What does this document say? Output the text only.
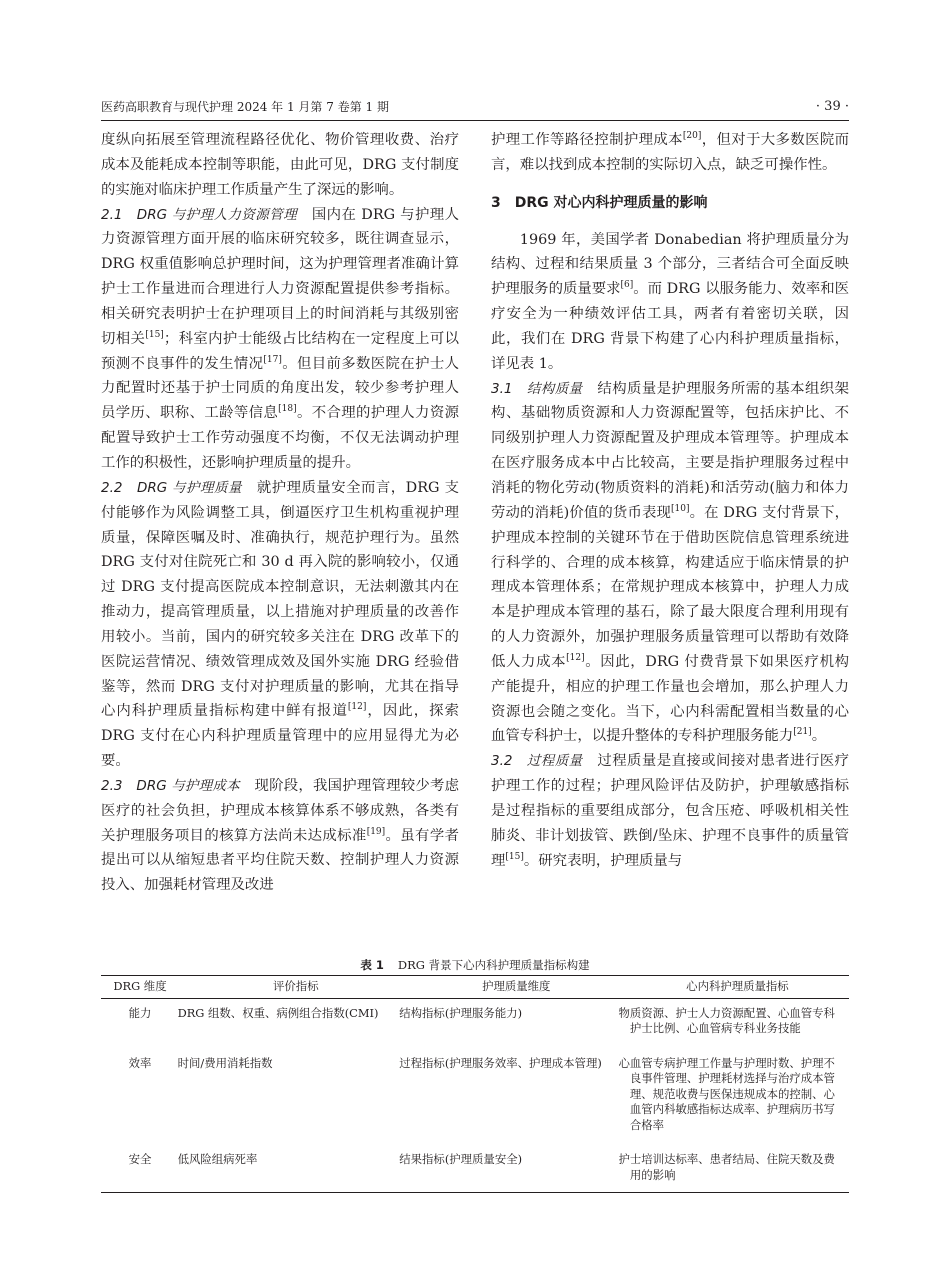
医药高职教育与现代护理 2024 年 1 月第 7 卷第 1 期	· 39 ·

度纵向拓展至管理流程路径优化、物价管理收费、治疗成本及能耗成本控制等职能，由此可见，DRG 支付制度的实施对临床护理工作质量产生了深远的影响。

2.1　DRG 与护理人力资源管理　国内在 DRG 与护理人力资源管理方面开展的临床研究较多，既往调查显示，DRG 权重值影响总护理时间，这为护理管理者准确计算护士工作量进而合理进行人力资源配置提供参考指标。相关研究表明护士在护理项目上的时间消耗与其级别密切相关[15]；科室内护士能级占比结构在一定程度上可以预测不良事件的发生情况[17]。但目前多数医院在护士人力配置时还基于护士同质的角度出发，较少参考护理人员学历、职称、工龄等信息[18]。不合理的护理人力资源配置导致护士工作劳动强度不均衡，不仅无法调动护理工作的积极性，还影响护理质量的提升。

2.2　DRG 与护理质量　就护理质量安全而言，DRG 支付能够作为风险调整工具，倒逼医疗卫生机构重视护理质量，保障医嘱及时、准确执行，规范护理行为。虽然 DRG 支付对住院死亡和 30 d 再入院的影响较小，仅通过 DRG 支付提高医院成本控制意识，无法刺激其内在推动力，提高管理质量，以上措施对护理质量的改善作用较小。当前，国内的研究较多关注在 DRG 改革下的医院运营情况、绩效管理成效及国外实施 DRG 经验借鉴等，然而 DRG 支付对护理质量的影响，尤其在指导心内科护理质量指标构建中鲜有报道[12]，因此，探索 DRG 支付在心内科护理质量管理中的应用显得尤为必要。

2.3　DRG 与护理成本　现阶段，我国护理管理较少考虑医疗的社会负担，护理成本核算体系不够成熟，各类有关护理服务项目的核算方法尚未达成标准[19]。虽有学者提出可以从缩短患者平均住院天数、控制护理人力资源投入、加强耗材管理及改进

护理工作等路径控制护理成本[20]，但对于大多数医院而言，难以找到成本控制的实际切入点，缺乏可操作性。

3　DRG 对心内科护理质量的影响

1969 年，美国学者 Donabedian 将护理质量分为结构、过程和结果质量 3 个部分，三者结合可全面反映护理服务的质量要求[6]。而 DRG 以服务能力、效率和医疗安全为一种绩效评估工具，两者有着密切关联，因此，我们在 DRG 背景下构建了心内科护理质量指标，详见表 1。

3.1　结构质量　结构质量是护理服务所需的基本组织架构、基础物质资源和人力资源配置等，包括床护比、不同级别护理人力资源配置及护理成本管理等。护理成本在医疗服务成本中占比较高，主要是指护理服务过程中消耗的物化劳动(物质资料的消耗)和活劳动(脑力和体力劳动的消耗)价值的货币表现[10]。在 DRG 支付背景下，护理成本控制的关键环节在于借助医院信息管理系统进行科学的、合理的成本核算，构建适应于临床情景的护理成本管理体系；在常规护理成本核算中，护理人力成本是护理成本管理的基石，除了最大限度合理利用现有的人力资源外，加强护理服务质量管理可以帮助有效降低人力成本[12]。因此，DRG 付费背景下如果医疗机构产能提升，相应的护理工作量也会增加，那么护理人力资源也会随之变化。当下，心内科需配置相当数量的心血管专科护士，以提升整体的专科护理服务能力[21]。

3.2　过程质量　过程质量是直接或间接对患者进行医疗护理工作的过程；护理风险评估及防护，护理敏感指标是过程指标的重要组成部分，包含压疮、呼吸机相关性肺炎、非计划拔管、跌倒/坠床、护理不良事件的质量管理[15]。研究表明，护理质量与

表 1 DRG 背景下心内科护理质量指标构建
DRG 维度	评价指标	护理质量维度	心内科护理质量指标
能力	DRG 组数、权重、病例组合指数(CMI)	结构指标(护理服务能力)	物质资源、护士人力资源配置、心血管专科护士比例、心血管病专科业务技能
效率	时间/费用消耗指数	过程指标(护理服务效率、护理成本管理)	心血管专病护理工作量与护理时数、护理不良事件管理、护理耗材选择与治疗成本管理、规范收费与医保违规成本的控制、心血管内科敏感指标达成率、护理病历书写合格率
安全	低风险组病死率	结果指标(护理质量安全)	护士培训达标率、患者结局、住院天数及费用的影响
